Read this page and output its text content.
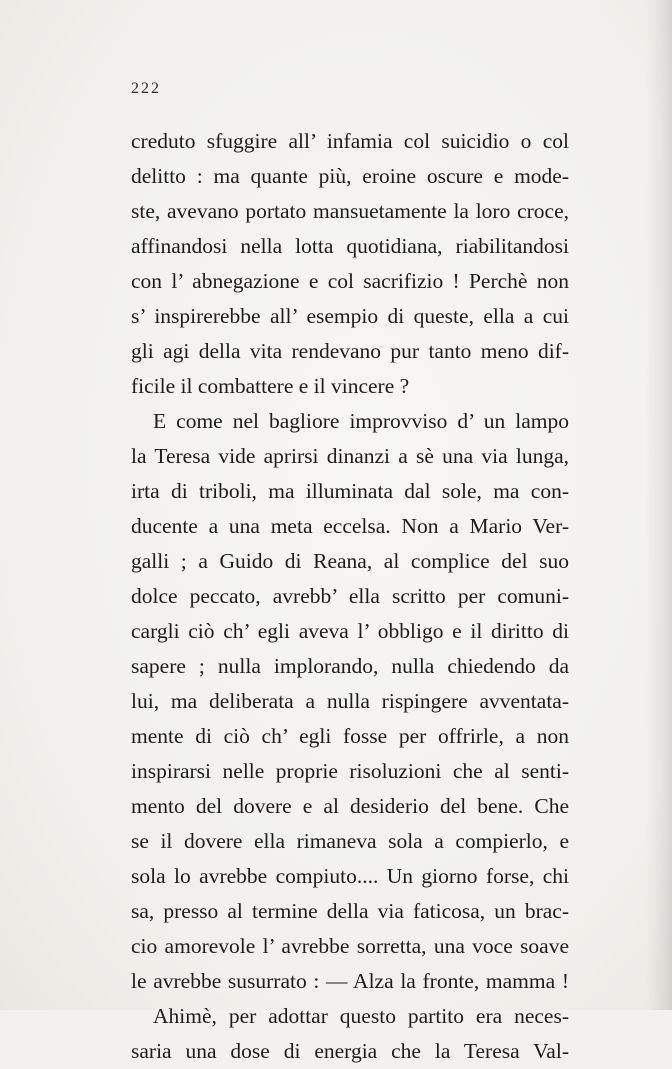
222
creduto sfuggire all’ infamia col suicidio o col
delitto : ma quante più, eroine oscure e mode-
ste, avevano portato mansuetamente la loro croce,
affinandosi nella lotta quotidiana, riabilitandosi
con l’ abnegazione e col sacrifizio ! Perchè non
s’ inspirerebbe all’ esempio di queste, ella a cui
gli agi della vita rendevano pur tanto meno dif-
ficile il combattere e il vincere ?
E come nel bagliore improvviso d’ un lampo
la Teresa vide aprirsi dinanzi a sè una via lunga,
irta di triboli, ma illuminata dal sole, ma con-
ducente a una meta eccelsa. Non a Mario Ver-
galli ; a Guido di Reana, al complice del suo
dolce peccato, avrebb’ ella scritto per comuni-
cargli ciò ch’ egli aveva l’ obbligo e il diritto di
sapere ; nulla implorando, nulla chiedendo da
lui, ma deliberata a nulla rispingere avventata-
mente di ciò ch’ egli fosse per offrirle, a non
inspirarsi nelle proprie risoluzioni che al senti-
mento del dovere e al desiderio del bene. Che
se il dovere ella rimaneva sola a compierlo, e
sola lo avrebbe compiuto.... Un giorno forse, chi
sa, presso al termine della via faticosa, un brac-
cio amorevole l’ avrebbe sorretta, una voce soave
le avrebbe susurrato : — Alza la fronte, mamma !
Ahimè, per adottar questo partito era neces-
saria una dose di energia che la Teresa Val-
